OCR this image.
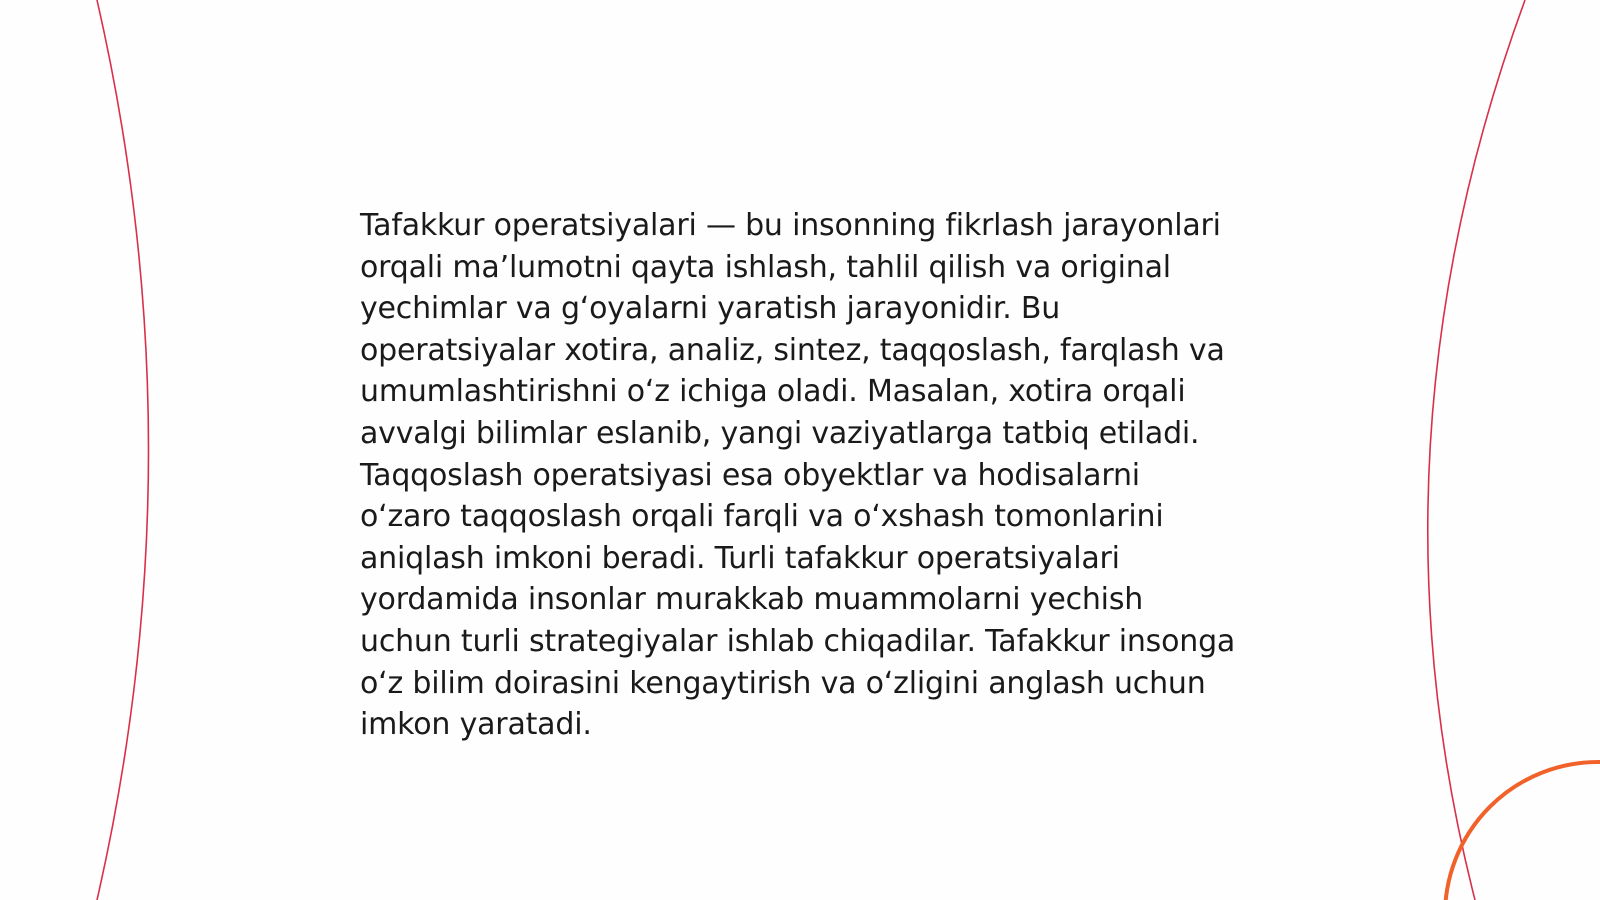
Tafakkur operatsiyalari — bu insonning fikrlash jarayonlari orqali ma’lumotni qayta ishlash, tahlil qilish va original yechimlar va g‘oyalarni yaratish jarayonidir. Bu operatsiyalar xotira, analiz, sintez, taqqoslash, farqlash va umumlashtirishni o‘z ichiga oladi. Masalan, xotira orqali avvalgi bilimlar eslanib, yangi vaziyatlarga tatbiq etiladi. Taqqoslash operatsiyasi esa obyektlar va hodisalarni o‘zaro taqqoslash orqali farqli va o‘xshash tomonlarini aniqlash imkoni beradi. Turli tafakkur operatsiyalari yordamida insonlar murakkab muammolarni yechish uchun turli strategiyalar ishlab chiqadilar. Tafakkur insonga o‘z bilim doirasini kengaytirish va o‘zligini anglash uchun imkon yaratadi.
